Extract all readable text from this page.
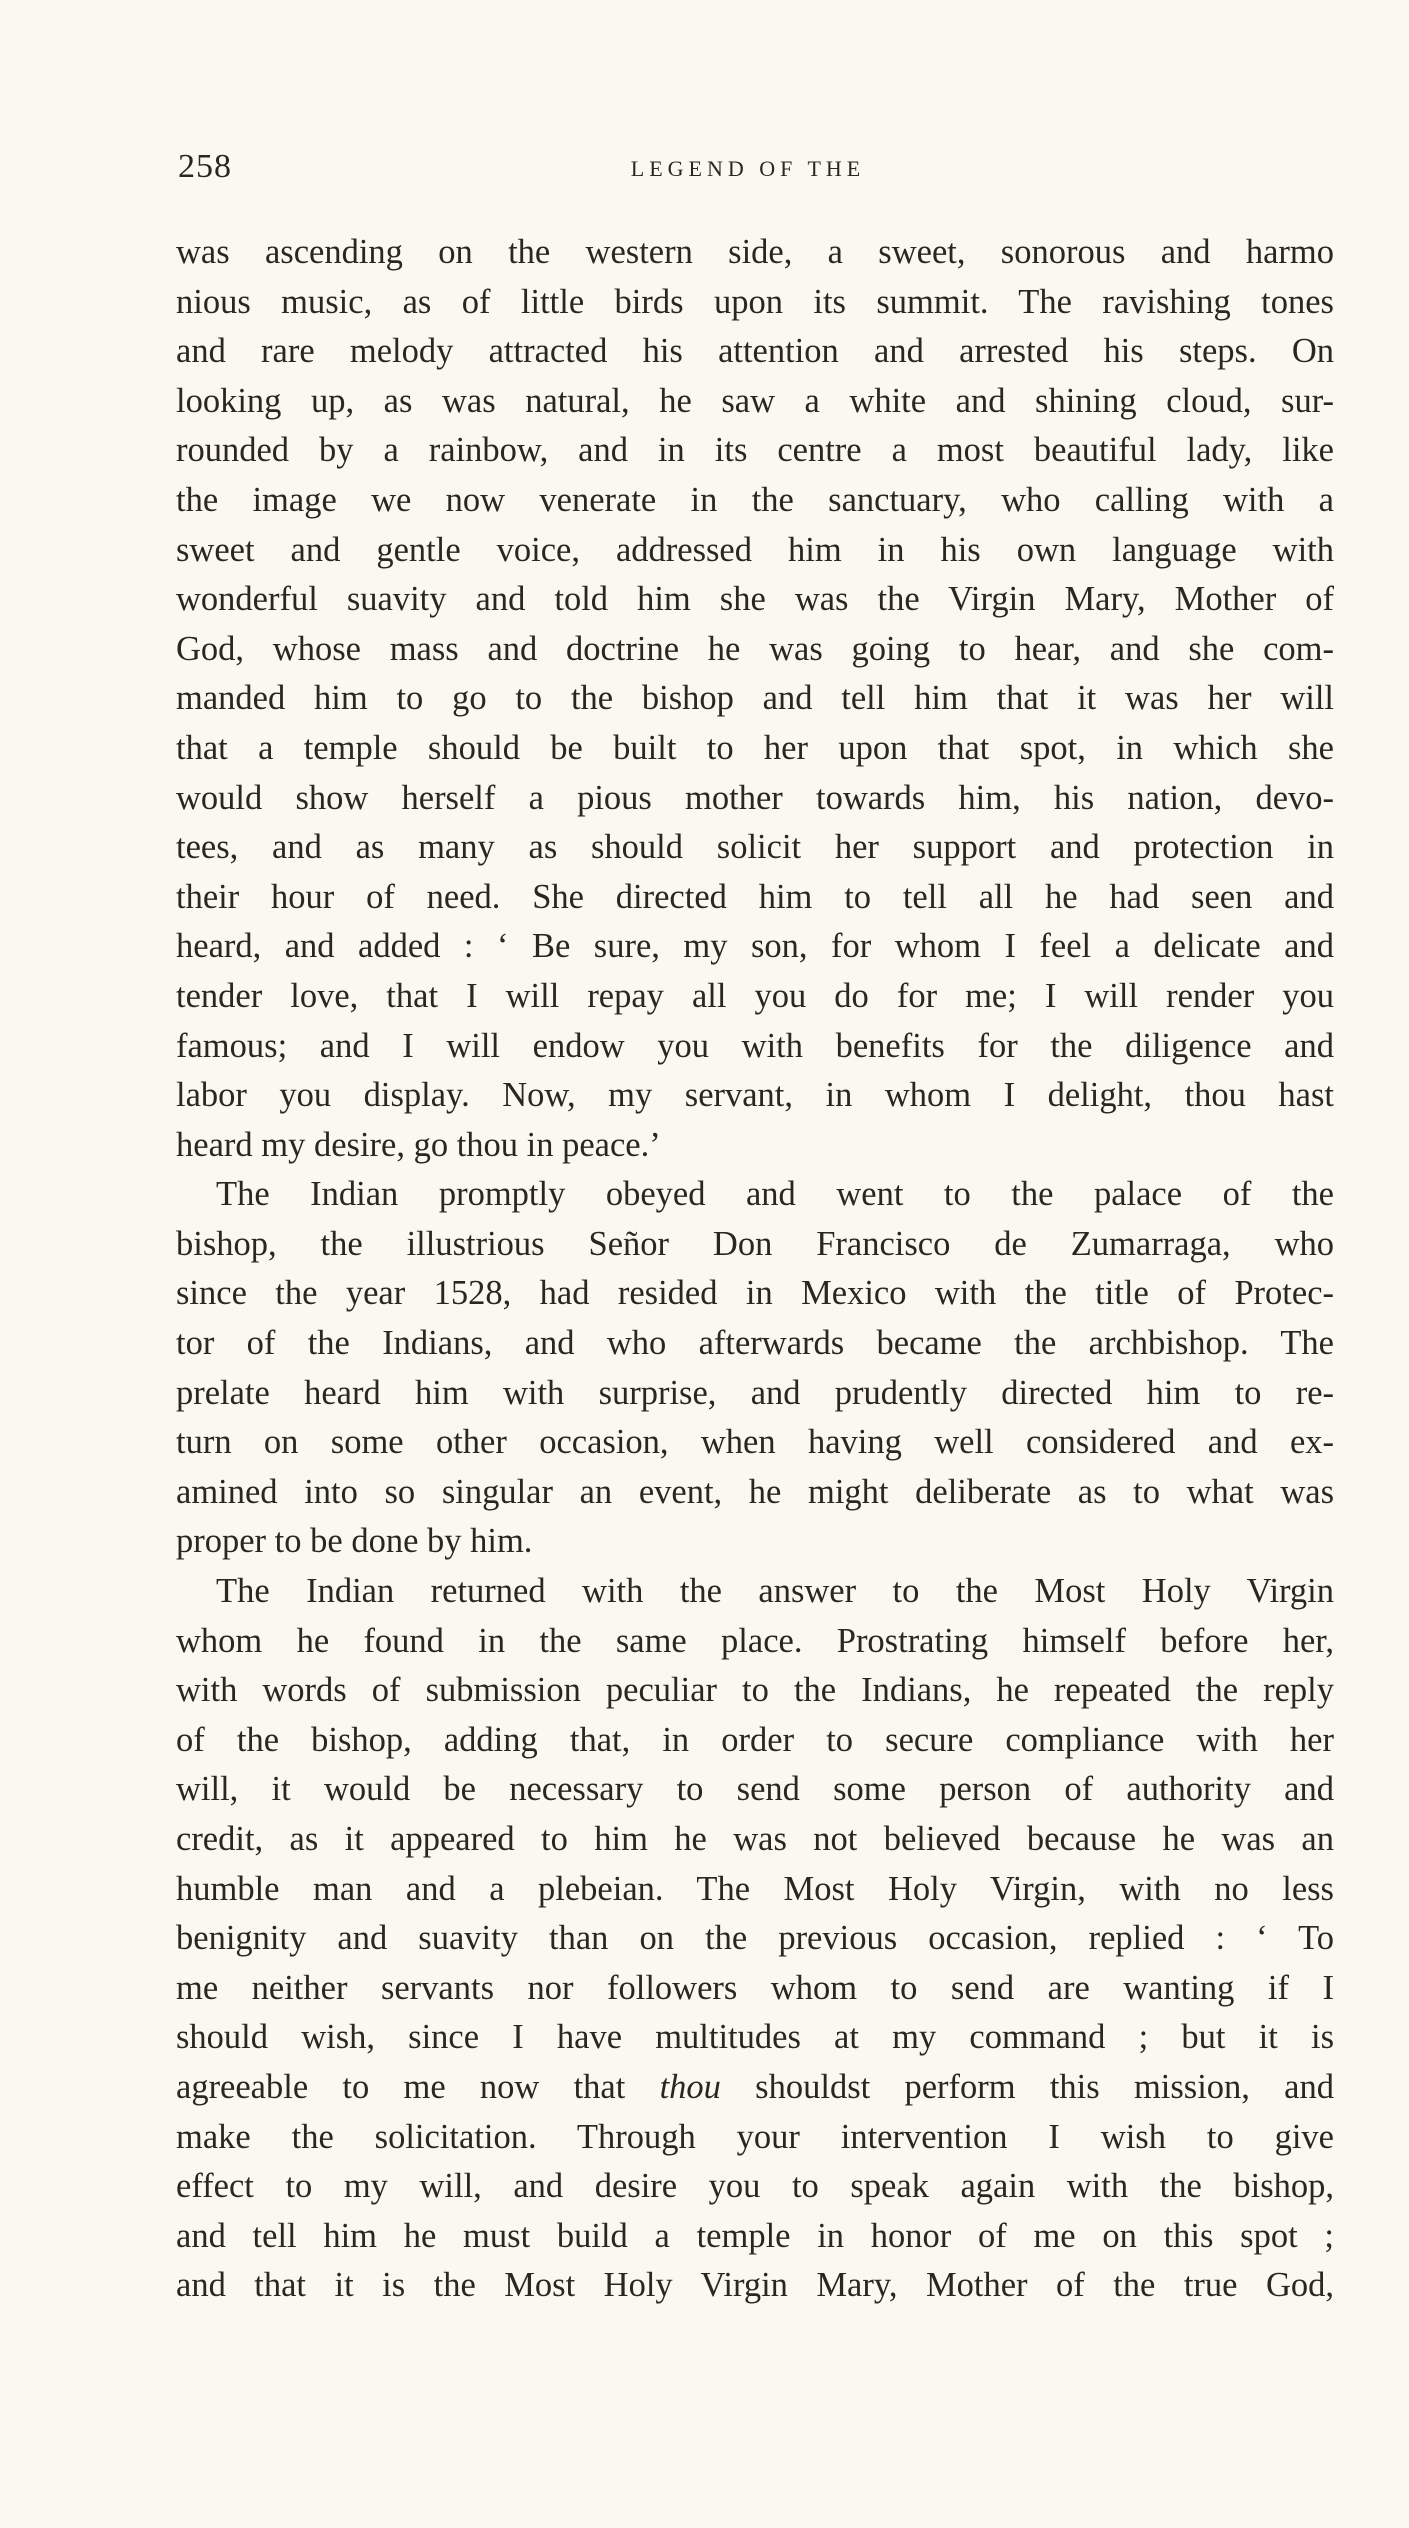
258	LEGEND OF THE
was ascending on the western side, a sweet, sonorous and harmo
nious music, as of little birds upon its summit. The ravishing tones
and rare melody attracted his attention and arrested his steps. On
looking up, as was natural, he saw a white and shining cloud, sur-
rounded by a rainbow, and in its centre a most beautiful lady, like
the image we now venerate in the sanctuary, who calling with a
sweet and gentle voice, addressed him in his own language with
wonderful suavity and told him she was the Virgin Mary, Mother of
God, whose mass and doctrine he was going to hear, and she com-
manded him to go to the bishop and tell him that it was her will
that a temple should be built to her upon that spot, in which she
would show herself a pious mother towards him, his nation, devo-
tees, and as many as should solicit her support and protection in
their hour of need. She directed him to tell all he had seen and
heard, and added : ‘ Be sure, my son, for whom I feel a delicate and
tender love, that I will repay all you do for me; I will render you
famous; and I will endow you with benefits for the diligence and
labor you display. Now, my servant, in whom I delight, thou hast
heard my desire, go thou in peace.’
The Indian promptly obeyed and went to the palace of the
bishop, the illustrious Señor Don Francisco de Zumarraga, who
since the year 1528, had resided in Mexico with the title of Protec-
tor of the Indians, and who afterwards became the archbishop. The
prelate heard him with surprise, and prudently directed him to re-
turn on some other occasion, when having well considered and ex-
amined into so singular an event, he might deliberate as to what was
proper to be done by him.
The Indian returned with the answer to the Most Holy Virgin
whom he found in the same place. Prostrating himself before her,
with words of submission peculiar to the Indians, he repeated the reply
of the bishop, adding that, in order to secure compliance with her
will, it would be necessary to send some person of authority and
credit, as it appeared to him he was not believed because he was an
humble man and a plebeian. The Most Holy Virgin, with no less
benignity and suavity than on the previous occasion, replied : ‘ To
me neither servants nor followers whom to send are wanting if I
should wish, since I have multitudes at my command ; but it is
agreeable to me now that thou shouldst perform this mission, and
make the solicitation. Through your intervention I wish to give
effect to my will, and desire you to speak again with the bishop,
and tell him he must build a temple in honor of me on this spot ;
and that it is the Most Holy Virgin Mary, Mother of the true God,
